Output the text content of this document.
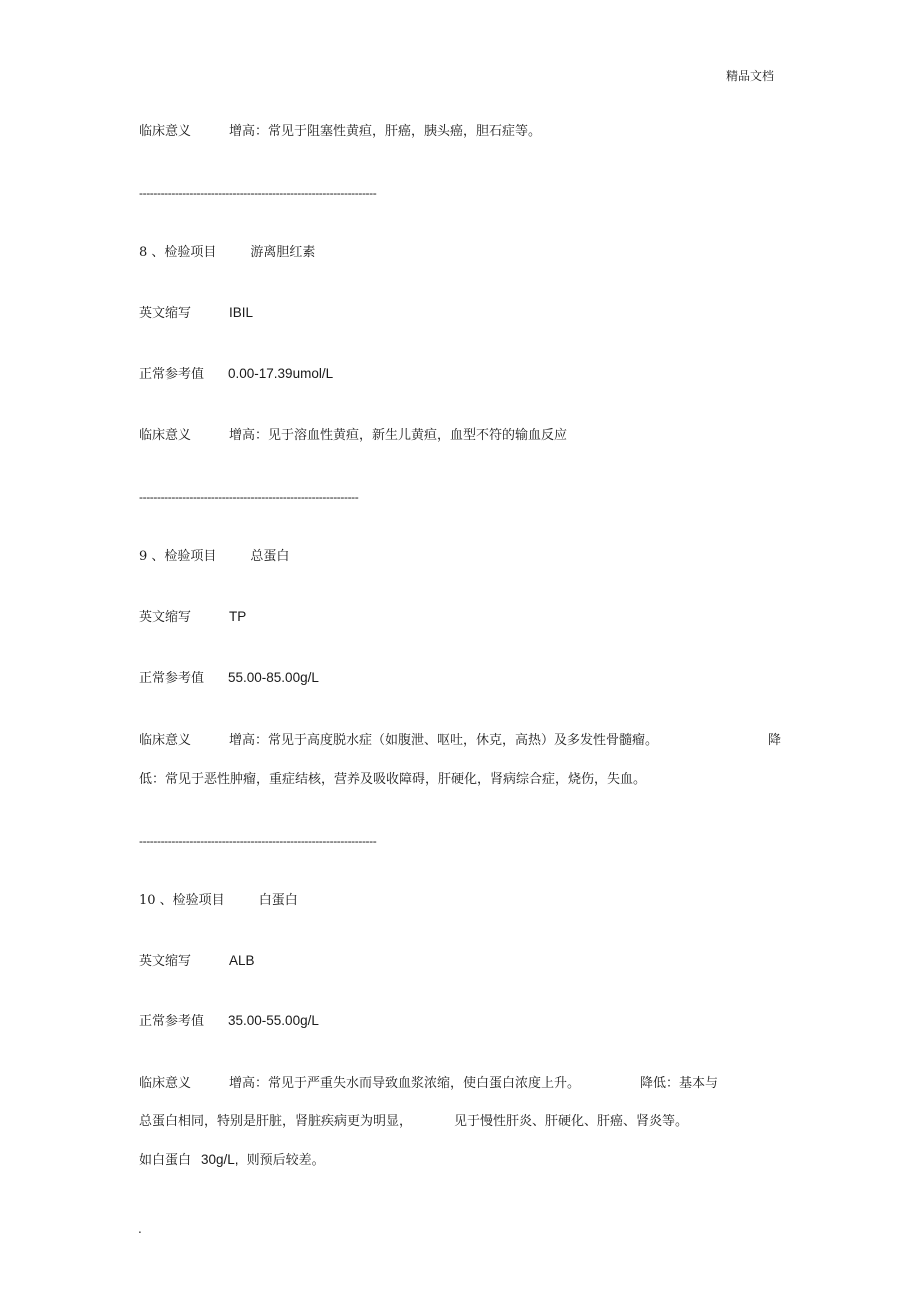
精品文档
临床意义	增高：常见于阻塞性黄疸，肝癌，胰头癌，胆石症等。
------------------------------------------------------------------
8 、检验项目	游离胆红素
英文缩写	IBIL
正常参考值 0.00-17.39umol/L
临床意义	增高：见于溶血性黄疸，新生儿黄疸，血型不符的输血反应
-------------------------------------------------------------
9 、检验项目	总蛋白
英文缩写	TP
正常参考值 55.00-85.00g/L
临床意义	增高：常见于高度脱水症（如腹泄、呕吐，休克，高热）及多发性骨髓瘤。	降
低：常见于恶性肿瘤，重症结核，营养及吸收障碍，肝硬化，肾病综合症，烧伤，失血。
------------------------------------------------------------------
10 、检验项目	白蛋白
英文缩写	ALB
正常参考值 35.00-55.00g/L
临床意义	增高：常见于严重失水而导致血浆浓缩，使白蛋白浓度上升。	降低：基本与
总蛋白相同，特别是肝脏，肾脏疾病更为明显，	见于慢性肝炎、肝硬化、肝癌、肾炎等。
如白蛋白 30g/L, 则预后较差。
.
